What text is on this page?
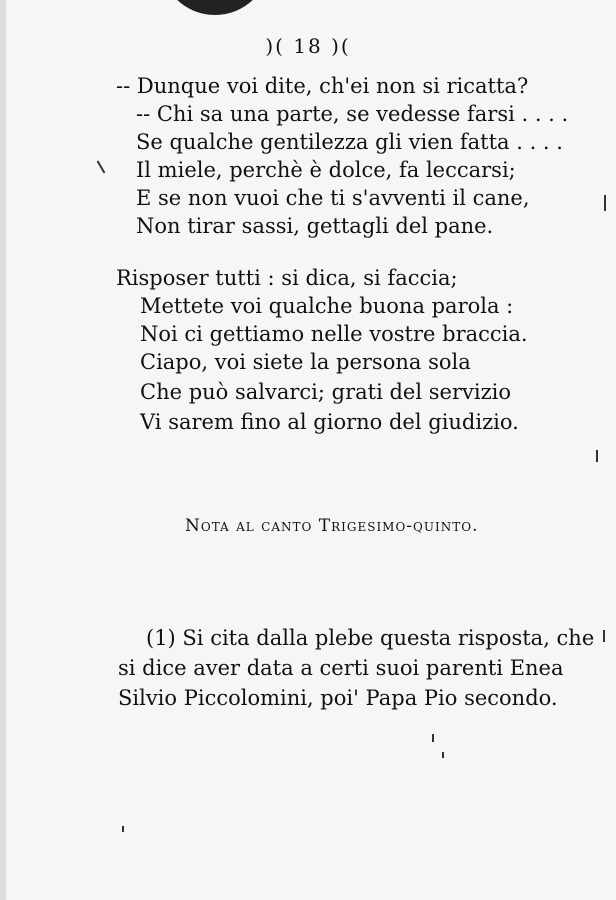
)( 18 )(
-- Dunque voi dite, ch'ei non si ricatta?
-- Chi sa una parte, se vedesse farsi . . . .
Se qualche gentilezza gli vien fatta . . . .
Il miele, perchè è dolce, fa leccarsi;
E se non vuoi che ti s'avventi il cane,
Non tirar sassi, gettagli del pane.
Risposer tutti : si dica, si faccia;
Mettete voi qualche buona parola :
Noi ci gettiamo nelle vostre braccia.
Ciapo, voi siete la persona sola
Che può salvarci; grati del servizio
Vi sarem fino al giorno del giudizio.
Nota al canto Trigesimo-quinto.
(1) Si cita dalla plebe questa risposta, che
si dice aver data a certi suoi parenti Enea
Silvio Piccolomini, poi' Papa Pio secondo.
